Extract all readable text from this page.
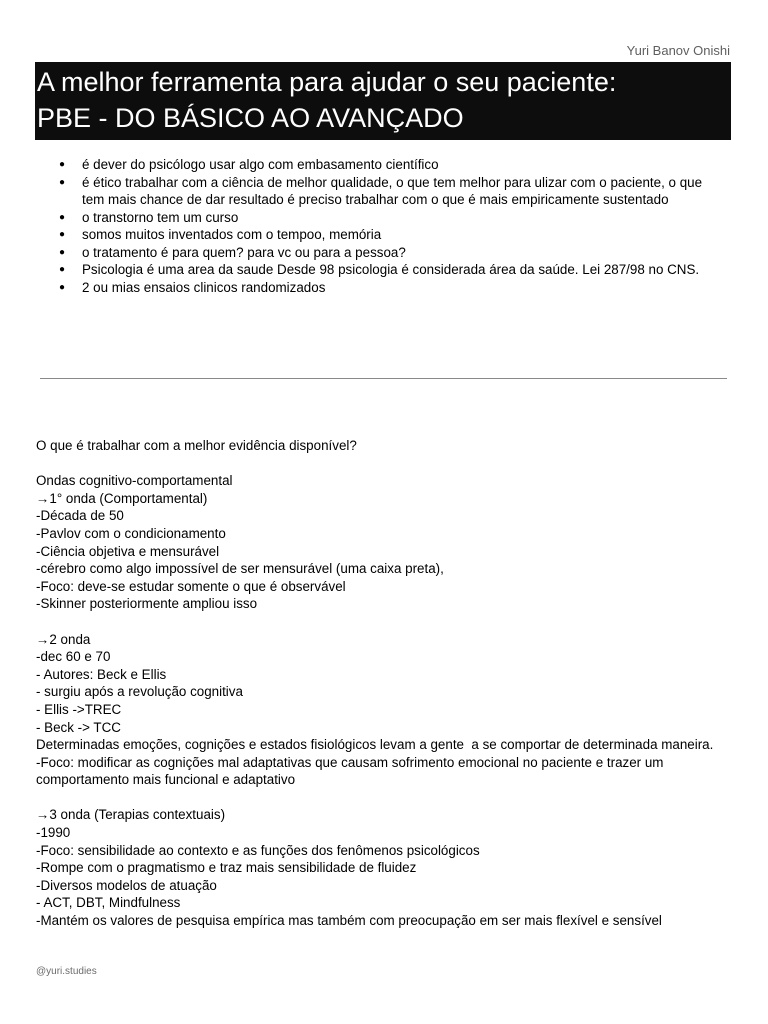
Yuri Banov Onishi
A melhor ferramenta para ajudar o seu paciente:
PBE - DO BÁSICO AO AVANÇADO
● é dever do psicólogo usar algo com embasamento científico
● é ético trabalhar com a ciência de melhor qualidade, o que tem melhor para ulizar com o paciente, o que tem mais chance de dar resultado é preciso trabalhar com o que é mais empiricamente sustentado
● o transtorno tem um curso
● somos muitos inventados com o tempoo, memória
● o tratamento é para quem? para vc ou para a pessoa?
● Psicologia é uma area da saude Desde 98 psicologia é considerada área da saúde. Lei 287/98 no CNS.
● 2 ou mias ensaios clinicos randomizados
O que é trabalhar com a melhor evidência disponível?
Ondas cognitivo-comportamental
→1° onda (Comportamental)
-Década de 50
-Pavlov com o condicionamento
-Ciência objetiva e mensurável
-cérebro como algo impossível de ser mensurável (uma caixa preta),
-Foco: deve-se estudar somente o que é observável
-Skinner posteriormente ampliou isso
→2 onda
-dec 60 e 70
- Autores: Beck e Ellis
- surgiu após a revolução cognitiva
- Ellis ->TREC
- Beck -> TCC
Determinadas emoções, cognições e estados fisiológicos levam a gente  a se comportar de determinada maneira.
-Foco: modificar as cognições mal adaptativas que causam sofrimento emocional no paciente e trazer um comportamento mais funcional e adaptativo
→3 onda (Terapias contextuais)
-1990
-Foco: sensibilidade ao contexto e as funções dos fenômenos psicológicos
-Rompe com o pragmatismo e traz mais sensibilidade de fluidez
-Diversos modelos de atuação
- ACT, DBT, Mindfulness
-Mantém os valores de pesquisa empírica mas também com preocupação em ser mais flexível e sensível
@yuri.studies
